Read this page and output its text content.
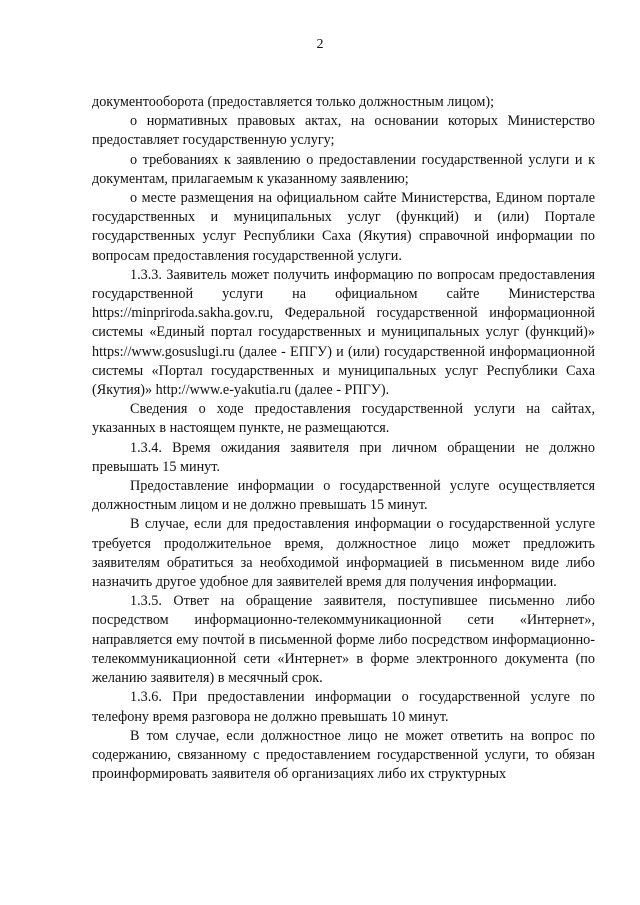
2

документооборота (предоставляется только должностным лицом);

о нормативных правовых актах, на основании которых Министерство предоставляет государственную услугу;

о требованиях к заявлению о предоставлении государственной услуги и к документам, прилагаемым к указанному заявлению;

о месте размещения на официальном сайте Министерства, Едином портале государственных и муниципальных услуг (функций) и (или) Портале государственных услуг Республики Саха (Якутия) справочной информации по вопросам предоставления государственной услуги.

1.3.3. Заявитель может получить информацию по вопросам предоставления государственной услуги на официальном сайте Министерства https://minpriroda.sakha.gov.ru, Федеральной государственной информационной системы «Единый портал государственных и муниципальных услуг (функций)» https://www.gosuslugi.ru (далее - ЕПГУ) и (или) государственной информационной системы «Портал государственных и муниципальных услуг Республики Саха (Якутия)» http://www.e-yakutia.ru (далее - РПГУ).

Сведения о ходе предоставления государственной услуги на сайтах, указанных в настоящем пункте, не размещаются.

1.3.4. Время ожидания заявителя при личном обращении не должно превышать 15 минут.

Предоставление информации о государственной услуге осуществляется должностным лицом и не должно превышать 15 минут.

В случае, если для предоставления информации о государственной услуге требуется продолжительное время, должностное лицо может предложить заявителям обратиться за необходимой информацией в письменном виде либо назначить другое удобное для заявителей время для получения информации.

1.3.5. Ответ на обращение заявителя, поступившее письменно либо посредством информационно-телекоммуникационной сети «Интернет», направляется ему почтой в письменной форме либо посредством информационно-телекоммуникационной сети «Интернет» в форме электронного документа (по желанию заявителя) в месячный срок.

1.3.6. При предоставлении информации о государственной услуге по телефону время разговора не должно превышать 10 минут.

В том случае, если должностное лицо не может ответить на вопрос по содержанию, связанному с предоставлением государственной услуги, то обязан проинформировать заявителя об организациях либо их структурных
